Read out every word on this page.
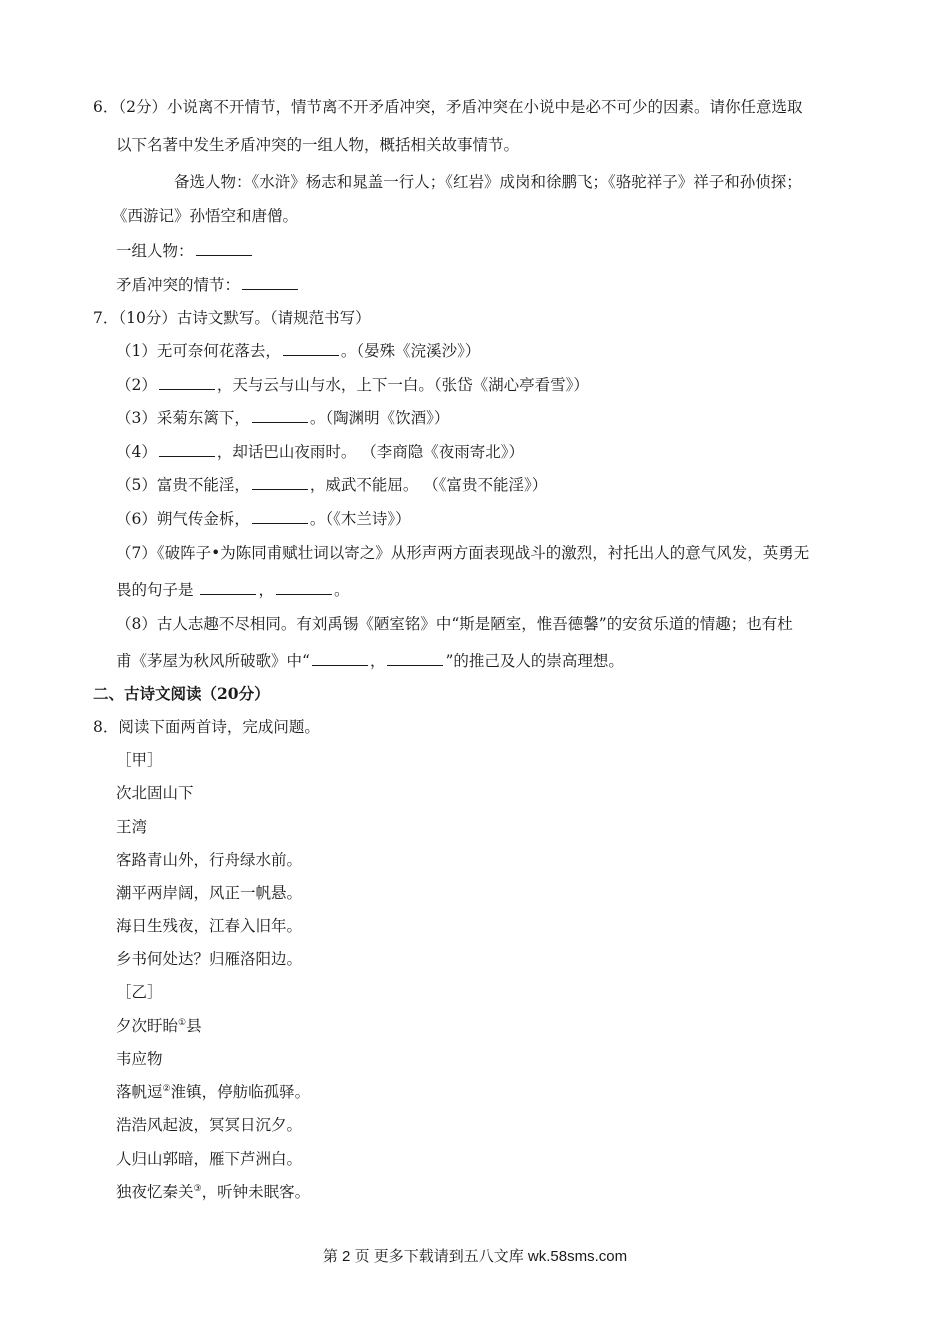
6．（2分）小说离不开情节，情节离不开矛盾冲突，矛盾冲突在小说中是必不可少的因素。请你任意选取
以下名著中发生矛盾冲突的一组人物，概括相关故事情节。
备选人物：《水浒》杨志和晁盖一行人；《红岩》成岗和徐鹏飞；《骆驼祥子》祥子和孙侦探；
《西游记》孙悟空和唐僧。
一组人物：
矛盾冲突的情节：
7．（10分）古诗文默写。（请规范书写）
（1）无可奈何花落去，	。（晏殊《浣溪沙》）
（2）	，天与云与山与水，上下一白。（张岱《湖心亭看雪》）
（3）采菊东篱下，	。（陶渊明《饮酒》）
（4）	，却话巴山夜雨时。 （李商隐《夜雨寄北》）
（5）富贵不能淫，	，威武不能屈。 （《富贵不能淫》）
（6）朔气传金柝，	。（《木兰诗》）
（7）《破阵子•为陈同甫赋壮词以寄之》从形声两方面表现战斗的激烈，衬托出人的意气风发，英勇无
畏的句子是	，	。
（8）古人志趣不尽相同。有刘禹锡《陋室铭》中“斯是陋室，惟吾德馨”的安贫乐道的情趣；也有杜
甫《茅屋为秋风所破歌》中“	，	”的推己及人的崇高理想。
二、古诗文阅读（20分）
8．阅读下面两首诗，完成问题。
［甲］
次北固山下
王湾
客路青山外，行舟绿水前。
潮平两岸阔，风正一帆悬。
海日生残夜，江春入旧年。
乡书何处达？归雁洛阳边。
［乙］
夕次盱眙①县
韦应物
落帆逗②淮镇，停舫临孤驿。
浩浩风起波，冥冥日沉夕。
人归山郭暗，雁下芦洲白。
独夜忆秦关③，听钟未眠客。
第 2 页 更多下载请到五八文库 wk.58sms.com
